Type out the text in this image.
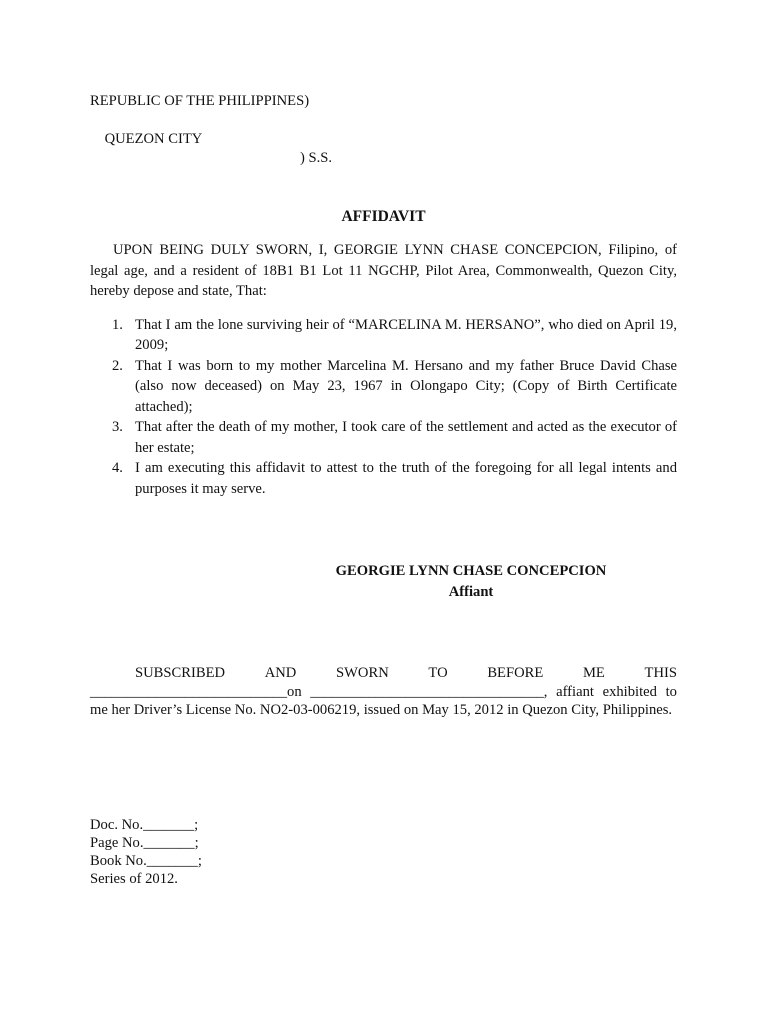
REPUBLIC OF THE PHILIPPINES)

QUEZON CITY

) S.S.

AFFIDAVIT
UPON BEING DULY SWORN, I, GEORGIE LYNN CHASE CONCEPCION, Filipino, of legal age, and a resident of 18B1 B1 Lot 11 NGCHP, Pilot Area, Commonwealth, Quezon City, hereby depose and state, That:
1. That I am the lone surviving heir of “MARCELINA M. HERSANO”, who died on April 19, 2009;
2. That I was born to my mother Marcelina M. Hersano and my father Bruce David Chase (also now deceased) on May 23, 1967 in Olongapo City; (Copy of Birth Certificate attached);
3. That after the death of my mother, I took care of the settlement and acted as the executor of her estate;
4. I am executing this affidavit to attest to the truth of the foregoing for all legal intents and purposes it may serve.
GEORGIE LYNN CHASE CONCEPCION
Affiant
SUBSCRIBED	AND	SWORN	TO	BEFORE	ME	THIS
___________________________on ________________________________, affiant exhibited to
me her Driver’s License No. NO2-03-006219, issued on May 15, 2012 in Quezon City, Philippines.
Doc. No._______;
Page No._______;
Book No._______;
Series of 2012.
